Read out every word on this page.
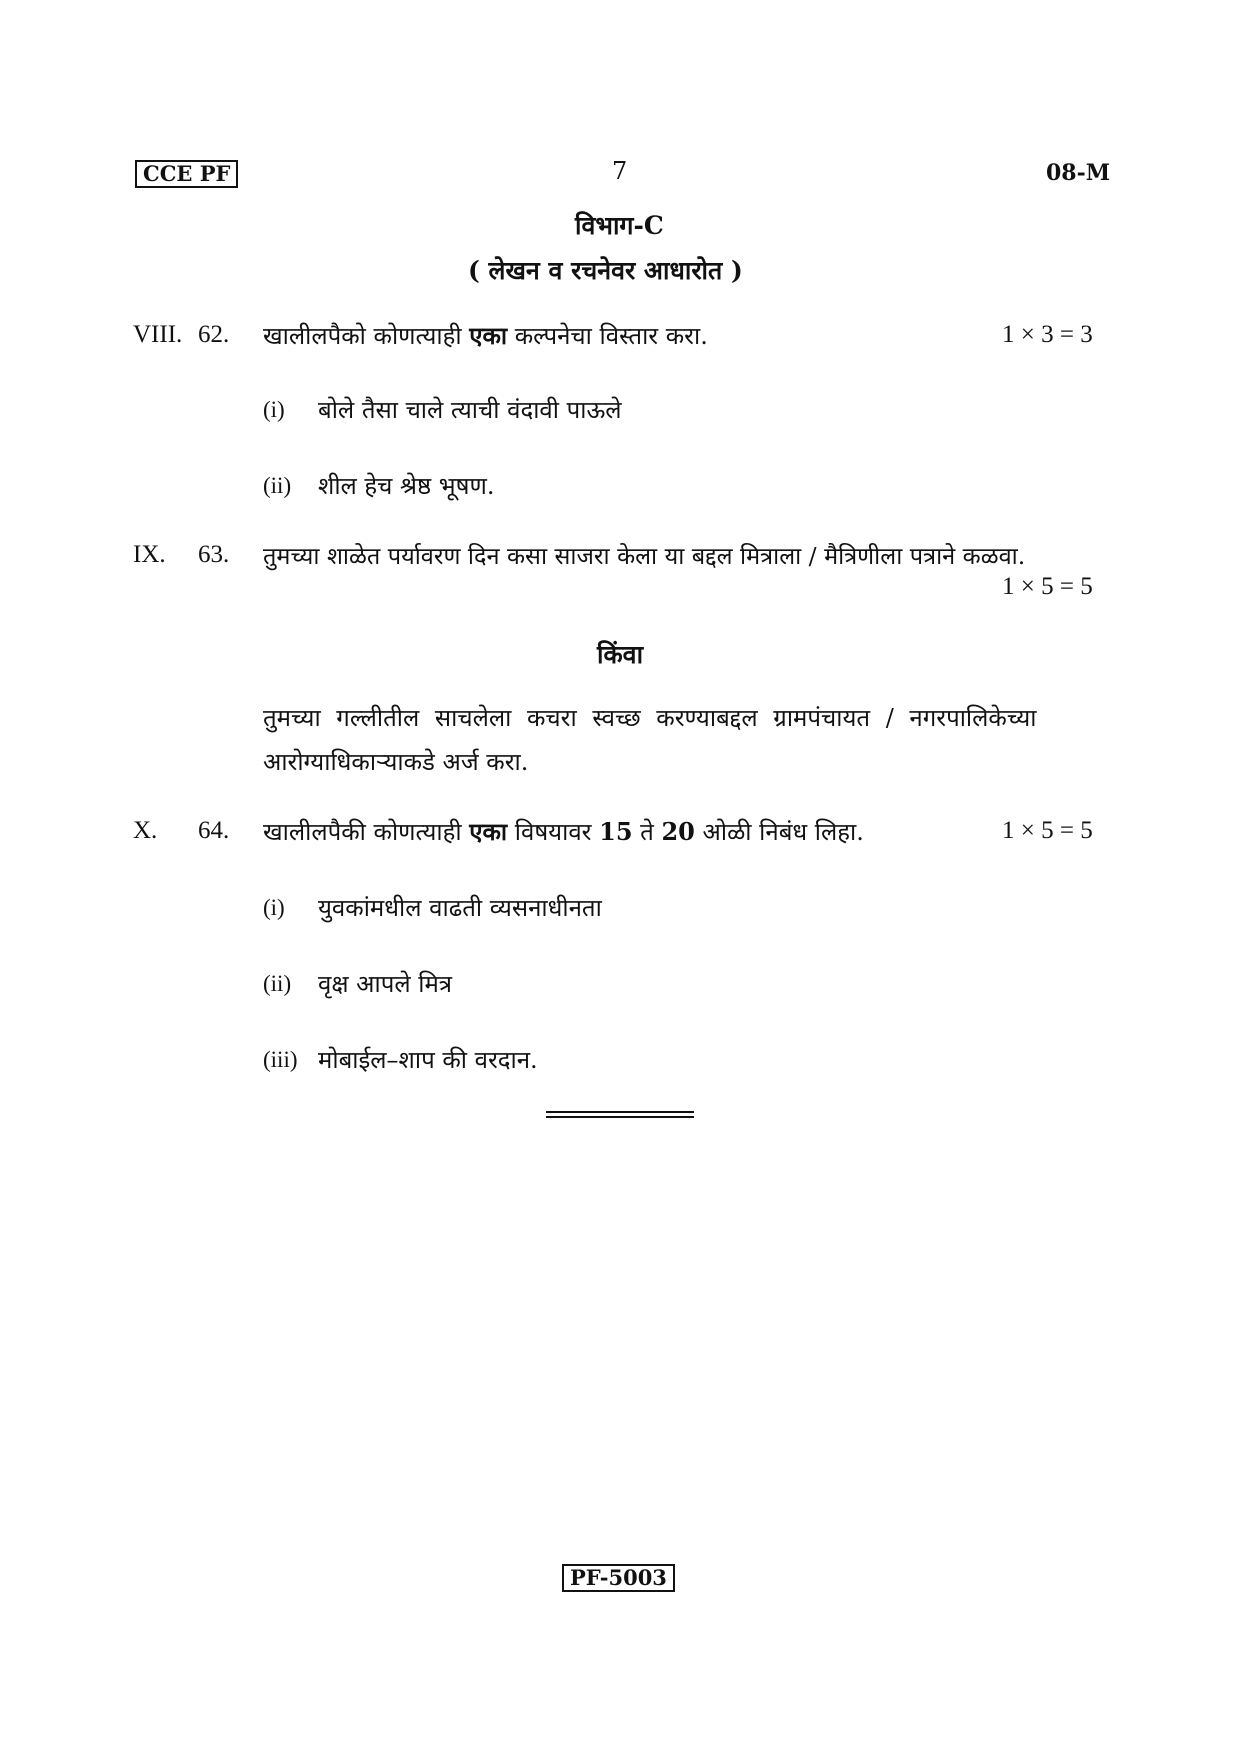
CCE PF	7	08-M
विभाग-C
( लेखन व रचनेवर आधारोत )
VIII. 62. खालीलपैको कोणत्याही एका कल्पनेचा विस्तार करा.	1 × 3 = 3
(i) बोले तैसा चाले त्याची वंदावी पाऊले
(ii) शील हेच श्रेष्ठ भूषण.
IX. 63. तुमच्या शाळेत पर्यावरण दिन कसा साजरा केला या बद्दल मित्राला / मैत्रिणीला पत्राने कळवा.
1 × 5 = 5
किंवा
तुमच्या गल्लीतील साचलेला कचरा स्वच्छ करण्याबद्दल ग्रामपंचायत / नगरपालिकेच्या
आरोग्याधिकाऱ्याकडे अर्ज करा.
X. 64. खालीलपैकी कोणत्याही एका विषयावर 15 ते 20 ओळी निबंध लिहा.	1 × 5 = 5
(i) युवकांमधील वाढती व्यसनाधीनता
(ii) वृक्ष आपले मित्र
(iii) मोबाईल–शाप की वरदान.
PF-5003
